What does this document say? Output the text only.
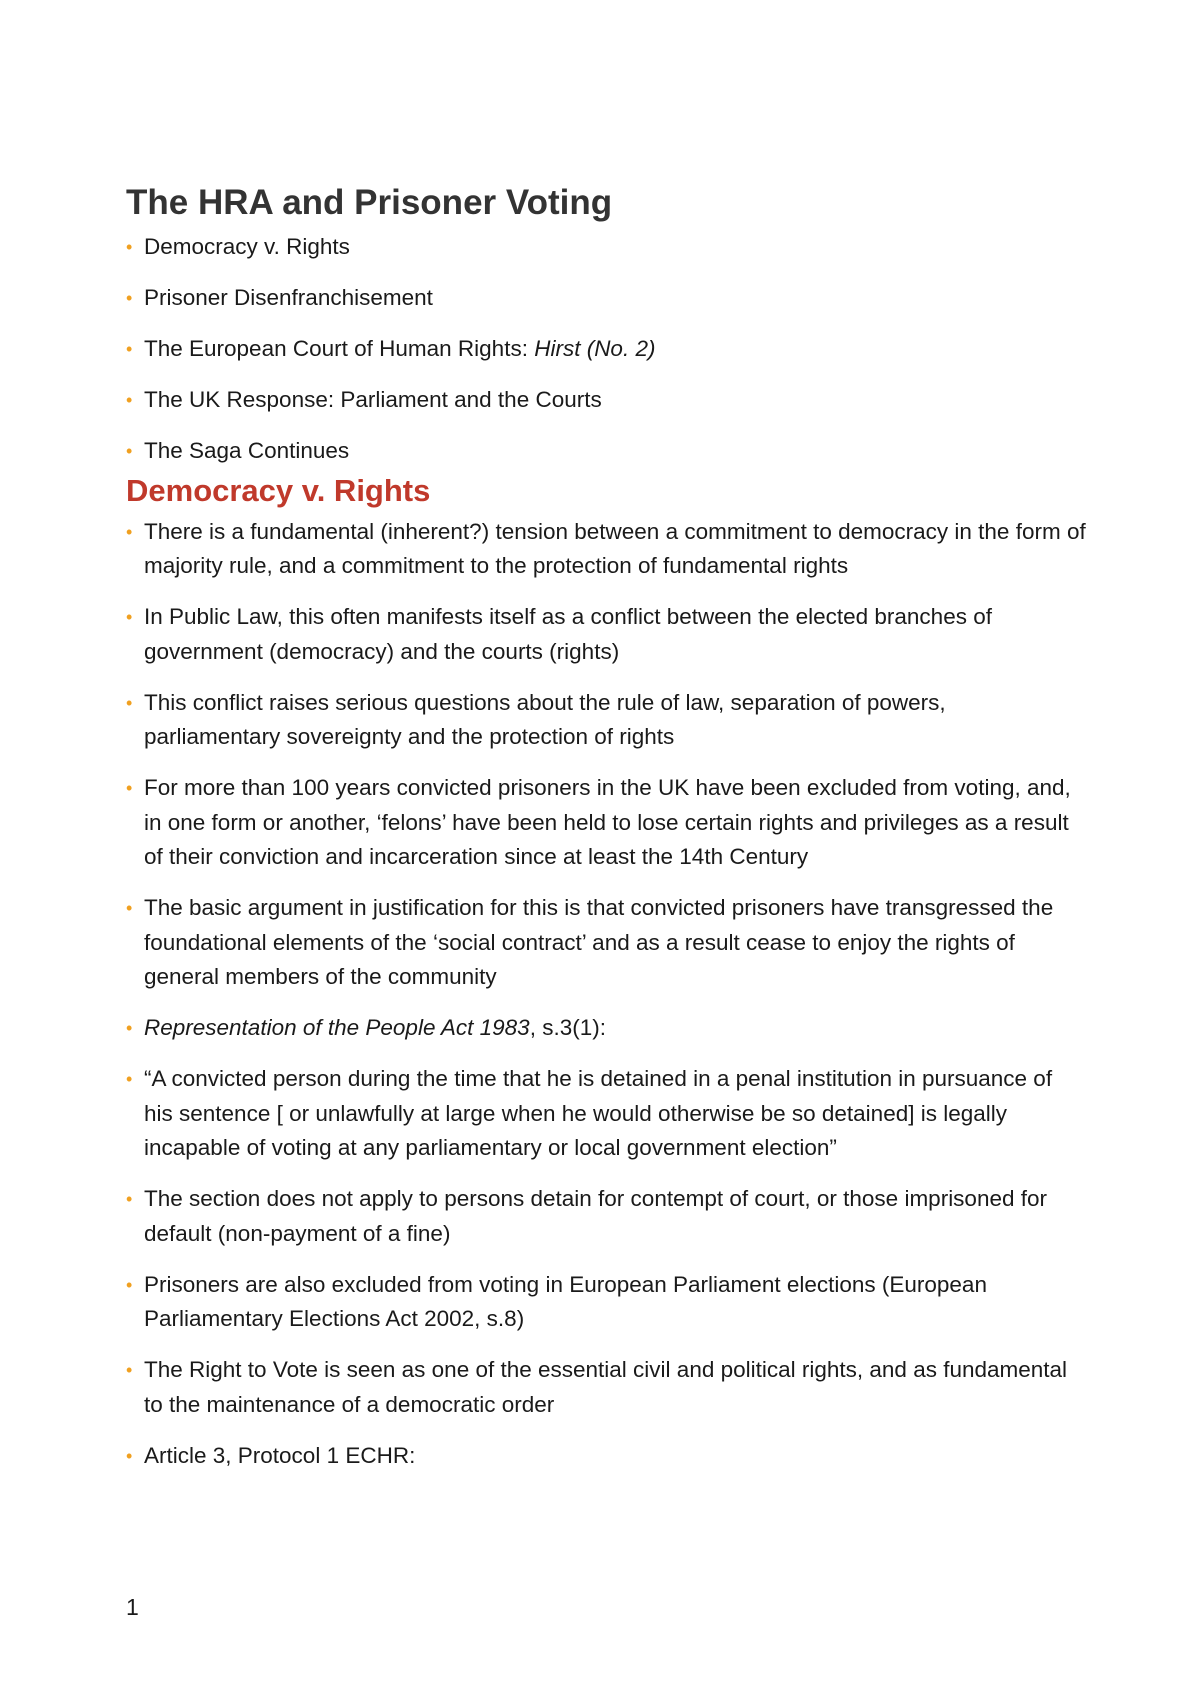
The HRA and Prisoner Voting
• Democracy v. Rights
• Prisoner Disenfranchisement
• The European Court of Human Rights: Hirst (No. 2)
• The UK Response: Parliament and the Courts
• The Saga Continues
Democracy v. Rights
• There is a fundamental (inherent?) tension between a commitment to democracy in the form of majority rule, and a commitment to the protection of fundamental rights
• In Public Law, this often manifests itself as a conflict between the elected branches of government (democracy) and the courts (rights)
• This conflict raises serious questions about the rule of law, separation of powers, parliamentary sovereignty and the protection of rights
• For more than 100 years convicted prisoners in the UK have been excluded from voting, and, in one form or another, ‘felons’ have been held to lose certain rights and privileges as a result of their conviction and incarceration since at least the 14th Century
• The basic argument in justification for this is that convicted prisoners have transgressed the foundational elements of the ‘social contract’ and as a result cease to enjoy the rights of general members of the community
• Representation of the People Act 1983, s.3(1):
• “A convicted person during the time that he is detained in a penal institution in pursuance of his sentence [ or unlawfully at large when he would otherwise be so detained] is legally incapable of voting at any parliamentary or local government election”
• The section does not apply to persons detain for contempt of court, or those imprisoned for default (non-payment of a fine)
• Prisoners are also excluded from voting in European Parliament elections (European Parliamentary Elections Act 2002, s.8)
• The Right to Vote is seen as one of the essential civil and political rights, and as fundamental to the maintenance of a democratic order
• Article 3, Protocol 1 ECHR:
1
